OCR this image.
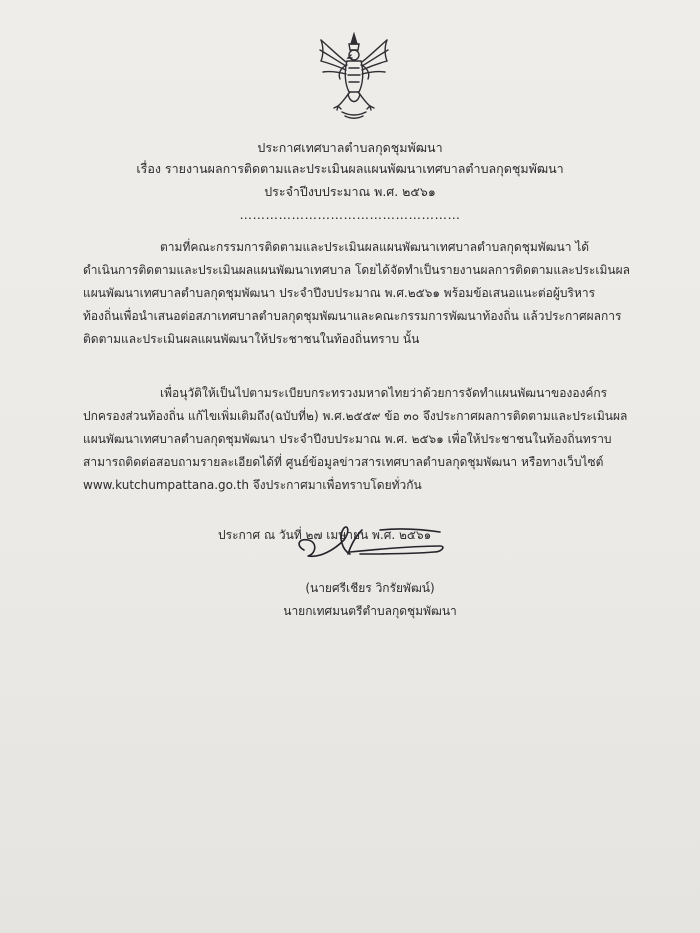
ประกาศเทศบาลตำบลกุดชุมพัฒนา
เรื่อง รายงานผลการติดตามและประเมินผลแผนพัฒนาเทศบาลตำบลกุดชุมพัฒนา
ประจำปีงบประมาณ พ.ศ. ๒๕๖๑
……………………………………………
ตามที่คณะกรรมการติดตามและประเมินผลแผนพัฒนาเทศบาลตำบลกุดชุมพัฒนา ได้
ดำเนินการติดตามและประเมินผลแผนพัฒนาเทศบาล โดยได้จัดทำเป็นรายงานผลการติดตามและประเมินผล
แผนพัฒนาเทศบาลตำบลกุดชุมพัฒนา ประจำปีงบประมาณ พ.ศ.๒๕๖๑ พร้อมข้อเสนอแนะต่อผู้บริหาร
ท้องถิ่นเพื่อนำเสนอต่อสภาเทศบาลตำบลกุดชุมพัฒนาและคณะกรรมการพัฒนาท้องถิ่น แล้วประกาศผลการ
ติดตามและประเมินผลแผนพัฒนาให้ประชาชนในท้องถิ่นทราบ นั้น
เพื่อนุวัติให้เป็นไปตามระเบียบกระทรวงมหาดไทยว่าด้วยการจัดทำแผนพัฒนาขององค์กร
ปกครองส่วนท้องถิ่น แก้ไขเพิ่มเติมถึง(ฉบับที่๒) พ.ศ.๒๕๕๙ ข้อ ๓๐ จึงประกาศผลการติดตามและประเมินผล
แผนพัฒนาเทศบาลตำบลกุดชุมพัฒนา ประจำปีงบประมาณ พ.ศ. ๒๕๖๑ เพื่อให้ประชาชนในท้องถิ่นทราบ
สามารถติดต่อสอบถามรายละเอียดได้ที่ ศูนย์ข้อมูลข่าวสารเทศบาลตำบลกุดชุมพัฒนา หรือทางเว็บไซต์
www.kutchumpattana.go.th จึงประกาศมาเพื่อทราบโดยทั่วกัน
ประกาศ ณ วันที่ ๒๗ เมษายน พ.ศ. ๒๕๖๑
(นายศรีเชียร วิกรัยพัฒน์)
นายกเทศมนตรีตำบลกุดชุมพัฒนา
